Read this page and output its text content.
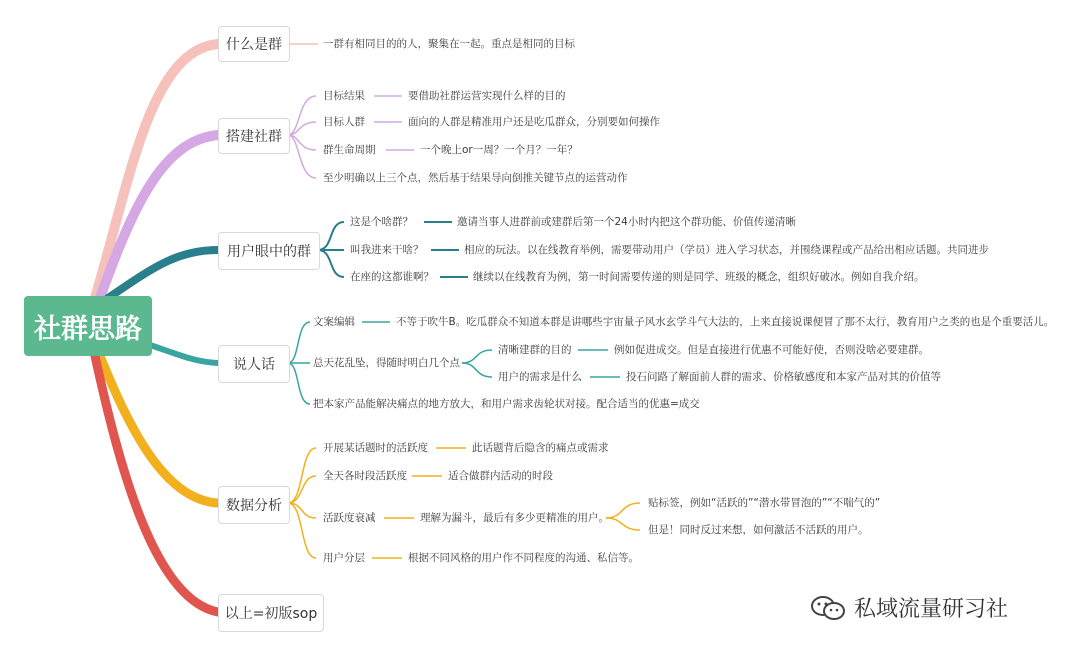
社群思路
什么是群	一群有相同目的的人，聚集在一起。重点是相同的目标
搭建社群
目标结果	要借助社群运营实现什么样的目的
目标人群	面向的人群是精准用户还是吃瓜群众，分别要如何操作
群生命周期	一个晚上or一周？一个月？一年？
至少明确以上三个点，然后基于结果导向倒推关键节点的运营动作
用户眼中的群
这是个啥群？	邀请当事人进群前或建群后第一个24小时内把这个群功能、价值传递清晰
叫我进来干啥？	相应的玩法。以在线教育举例，需要带动用户（学员）进入学习状态，并围绕课程或产品给出相应话题。共同进步
在座的这都谁啊？	继续以在线教育为例，第一时间需要传递的则是同学、班级的概念，组织好破冰。例如自我介绍。
说人话
文案编辑	不等于吹牛B。吃瓜群众不知道本群是讲哪些宇宙量子风水玄学斗气大法的，上来直接说课便冒了那不太行，教育用户之类的也是个重要活儿。
总天花乱坠，得随时明白几个点
清晰建群的目的	例如促进成交。但是直接进行优惠不可能好使，否则没啥必要建群。
用户的需求是什么	投石问路了解面前人群的需求、价格敏感度和本家产品对其的价值等
把本家产品能解决痛点的地方放大，和用户需求齿轮状对接。配合适当的优惠=成交
数据分析
开展某话题时的活跃度	此话题背后隐含的痛点或需求
全天各时段活跃度	适合做群内活动的时段
活跃度衰减	理解为漏斗，最后有多少更精准的用户。
贴标签，例如“活跃的”“潜水带冒泡的”“不喘气的”
但是！同时反过来想，如何激活不活跃的用户。
用户分层	根据不同风格的用户作不同程度的沟通、私信等。
以上=初版sop	私域流量研习社
